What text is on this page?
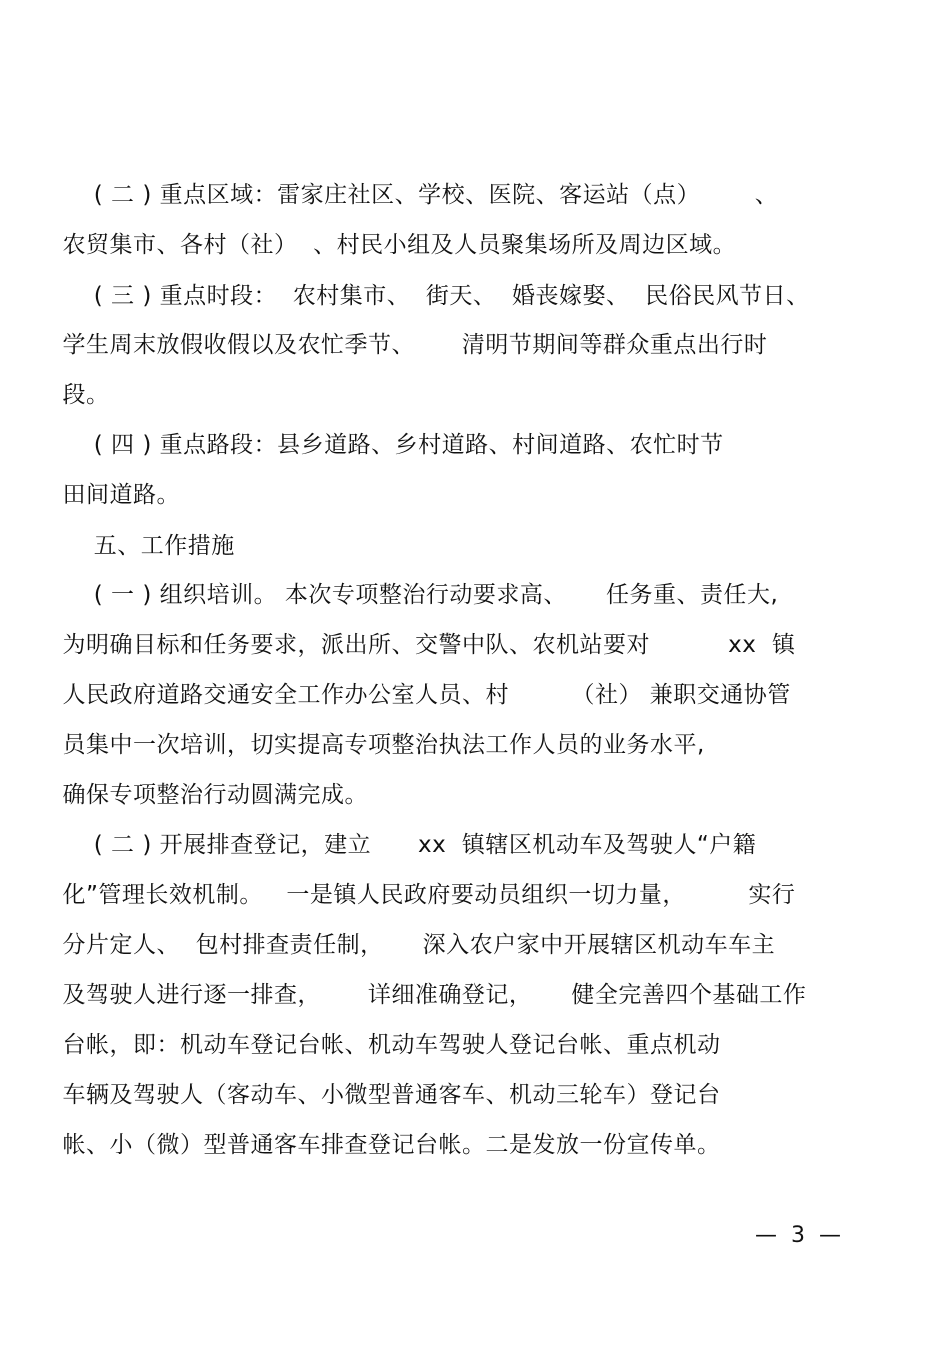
( 二 ) 重点区域：雷家庄社区、学校、医院、客运站（点）       、
农贸集市、各村（社）  、村民小组及人员聚集场所及周边区域。
( 三 ) 重点时段：  农村集市、  街天、  婚丧嫁娶、  民俗民风节日、
学生周末放假收假以及农忙季节、      清明节期间等群众重点出行时
段。
( 四 ) 重点路段：县乡道路、乡村道路、村间道路、农忙时节
田间道路。
五、工作措施
( 一 ) 组织培训。 本次专项整治行动要求高、     任务重、责任大,
为明确目标和任务要求，派出所、交警中队、农机站要对          xx  镇
人民政府道路交通安全工作办公室人员、村        （社） 兼职交通协管
员集中一次培训，切实提高专项整治执法工作人员的业务水平,
确保专项整治行动圆满完成。
( 二 ) 开展排查登记，建立      xx  镇辖区机动车及驾驶人“户籍
化”管理长效机制。   一是镇人民政府要动员组织一切力量，        实行
分片定人、  包村排查责任制，     深入农户家中开展辖区机动车车主
及驾驶人进行逐一排查，      详细准确登记，     健全完善四个基础工作
台帐，即：机动车登记台帐、机动车驾驶人登记台帐、重点机动
车辆及驾驶人（客动车、小微型普通客车、机动三轮车）登记台
帐、小（微）型普通客车排查登记台帐。二是发放一份宣传单。
—  3  —
